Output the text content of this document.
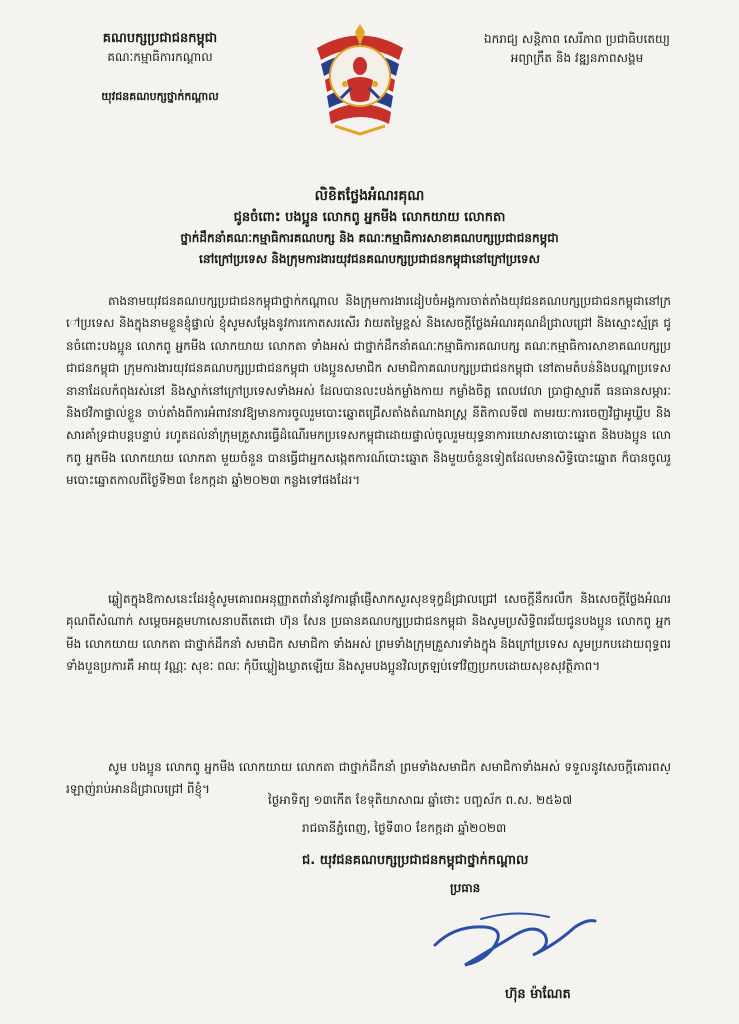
គណបក្សប្រជាជនកម្ពុជា
គណៈកម្មាធិការកណ្ដាល
យុវជនគណបក្សថ្នាក់កណ្ដាល
ឯករាជ្យ សន្តិភាព សេរីភាព ប្រជាធិបតេយ្យ
អព្យាក្រឹត និង វឌ្ឍនភាពសង្គម
លិខិតថ្លែងអំណរគុណ
ជូនចំពោះ បងប្អូន លោកពូ អ្នកមីង លោកយាយ លោកតា
ថ្នាក់ដឹកនាំគណៈកម្មាធិការគណបក្ស និង គណៈកម្មាធិការសាខាគណបក្សប្រជាជនកម្ពុជា
នៅក្រៅប្រទេស និងក្រុមការងារយុវជនគណបក្សប្រជាជនកម្ពុជានៅក្រៅប្រទេស

តាងនាមយុវជនគណបក្សប្រជាជនកម្ពុជាថ្នាក់កណ្ដាល និងក្រុមការងារដៀបចំអង្គការចាត់តាំងយុវជនគណបក្សប្រជាជនកម្ពុជានៅក្រៅប្រទេស និងក្នុងនាមខ្លួនខ្ញុំផ្ទាល់ ខ្ញុំសូមសម្ដែងនូវការកោតសរសើរ វាយតម្លៃខ្ពស់ និងសេចក្ដីថ្លែងអំណរគុណដ៏ជ្រាលជ្រៅ និងស្មោះស្ម័គ្រ ជូនចំពោះបងប្អូន លោកពូ អ្នកមីង លោកយាយ លោកតា ទាំងអស់ ជាថ្នាក់ដឹកនាំគណៈកម្មាធិការគណបក្ស គណៈកម្មាធិការសាខាគណបក្សប្រជាជនកម្ពុជា ក្រុមការងារយុវជនគណបក្សប្រជាជនកម្ពុជា បងប្អូនសមាជិក សមាជិកាគណបក្សប្រជាជនកម្ពុជា នៅតាមតំបន់និងបណ្ដាប្រទេសនានាដែលកំពុងរស់នៅ និងស្នាក់នៅក្រៅប្រទេសទាំងអស់ ដែលបានលះបង់កម្លាំងកាយ កម្លាំងចិត្ត ពេលវេលា ប្រាជ្ញាស្មារតី ធនធានសម្ភារៈ និងថវិកាផ្ទាល់ខ្លួន ចាប់តាំងពីការអំពាវនាវឱ្យមានការចូលរួមបោះឆ្នោតជ្រើសតាំងតំណាងរាស្ត្រ នីតិកាលទី៧ តាមរយៈការចេញវិជ្ជាអូឃ្លីប និងសារគាំទ្រជាបន្តបន្ទាប់ រហូតដល់នាំក្រុមគ្រួសារធ្វើដំណើរមកប្រទេសកម្ពុជាដោយផ្ទាល់ចូលរួមយុទ្ធនាការឃោសនាបោះឆ្នោត និងបងប្អូន លោកពូ អ្នកមីង លោកយាយ លោកតា មួយចំនួន បានធ្វើជាអ្នកសង្កេតការណ៍បោះឆ្នោត និងមួយចំនួនទៀតដែលមានសិទ្ធិបោះឆ្នោត ក៏បានចូលរួមបោះឆ្នោតកាលពីថ្ងៃទី២៣ ខែកក្កដា ឆ្នាំ២០២៣ កន្លងទៅផងដែរ។

ឆ្លៀតក្នុងឱកាសនេះដែរខ្ញុំសូមគោរពអនុញ្ញាតពាំនាំនូវការផ្ដាំផ្ញើសាកសួរសុខទុក្ខដ៏ជ្រាលជ្រៅ សេចក្ដីនឹករលឹក និងសេចក្ដីថ្លែងអំណរគុណពីសំណាក់ សម្ដេចអគ្គមហាសេនាបតីតេជោ ហ៊ុន សែន ប្រធានគណបក្សប្រជាជនកម្ពុជា និងសូមប្រសិទ្ធិពរជ័យជូនបងប្អូន លោកពូ អ្នកមីង លោកយាយ លោកតា ជាថ្នាក់ដឹកនាំ សមាជិក សមាជិកា ទាំងអស់ ព្រមទាំងក្រុមគ្រួសារទាំងក្នុង និងក្រៅប្រទេស សូមប្រកបដោយពុទ្ធពរទាំងបួនប្រការគឺ អាយុ វណ្ណៈ សុខៈ ពលៈ កុំបីឃ្លៀងឃ្លាតឡើយ និងសូមបងប្អូនវិលត្រឡប់ទៅវិញប្រកបដោយសុខសុវត្ថិភាព។

សូម បងប្អូន លោកពូ អ្នកមីង លោកយាយ លោកតា ជាថ្នាក់ដឹកនាំ ព្រមទាំងសមាជិក សមាជិកាទាំងអស់ ទទួលនូវសេចក្ដីគោរពស្រឡាញ់រាប់អានដ៏ជ្រាលជ្រៅ ពីខ្ញុំ។

ថ្ងៃអាទិត្យ ១៣កើត ខែទុតិយាសាឍ ឆ្នាំថោះ បញ្ចស័ក ព.ស. ២៥៦៧
រាជធានីភ្នំពេញ, ថ្ងៃទី៣០ ខែកក្កដា ឆ្នាំ២០២៣
ជ. យុវជនគណបក្សប្រជាជនកម្ពុជាថ្នាក់កណ្ដាល
ប្រធាន
ហ៊ុន ម៉ាណែត
